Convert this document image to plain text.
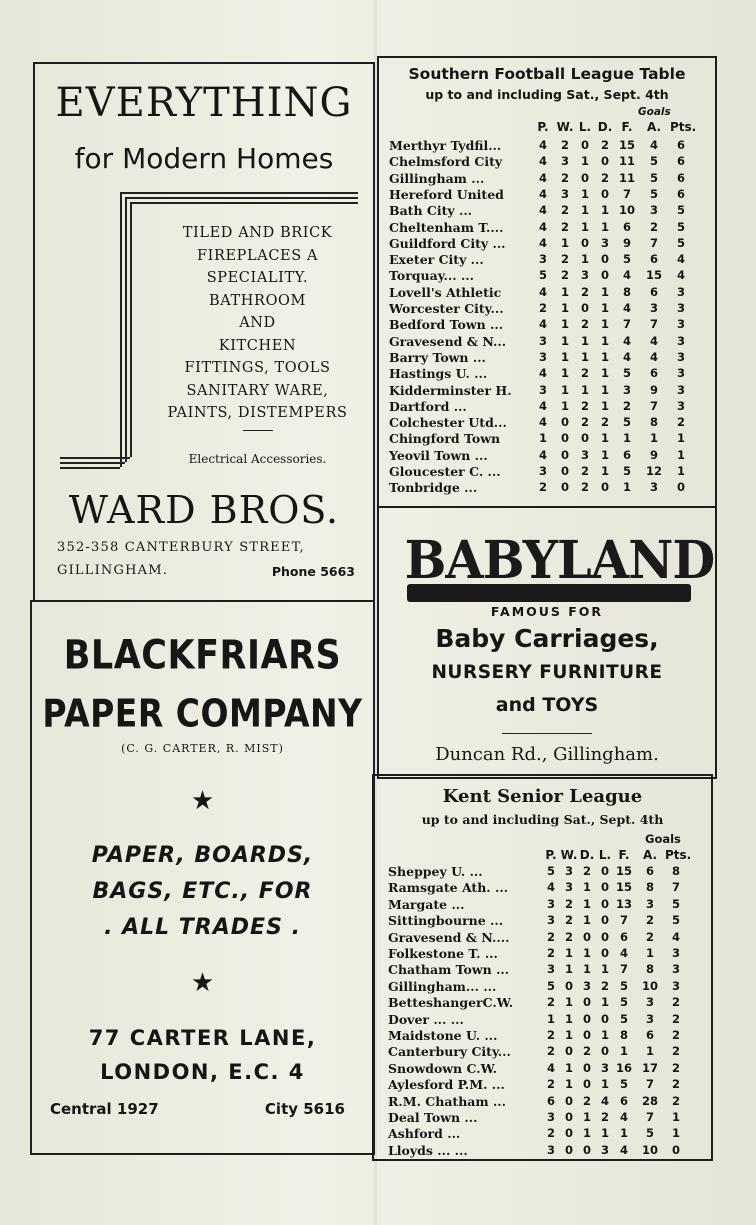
EVERYTHING
for Modern Homes
TILED AND BRICK
FIREPLACES A
SPECIALITY.
BATHROOM
AND
KITCHEN
FITTINGS, TOOLS
SANITARY WARE,
PAINTS, DISTEMPERS
Electrical Accessories.
WARD BROS.
352-358 CANTERBURY STREET,
GILLINGHAM.	Phone 5663
BLACKFRIARS
PAPER COMPANY
(C. G. CARTER, R. MIST)
★
PAPER, BOARDS,
BAGS, ETC., FOR
. ALL TRADES .
★
77 CARTER LANE,
LONDON, E.C. 4
Central 1927	City 5616
Southern Football League Table
up to and including Sat., Sept. 4th
Goals
P. W. L. D. F.	A. Pts.
Merthyr Tydfil...	4	2	0	2 15	4	6
Chelmsford City	4	3	1	0 11	5	6
Gillingham ...	4	2	0	2 11	5	6
Hereford United	4	3	1	0	7	5	6
Bath City ...	4	2	1	1 10	3	5
Cheltenham T....	4	2	1	1	6	2	5
Guildford City ...	4	1	0	3	9	7	5
Exeter City ...	3	2	1	0	5	6	4
Torquay... ...	5	2	3	0	4	15	4
Lovell's Athletic	4	1	2	1	8	6	3
Worcester City...	2	1	0	1	4	3	3
Bedford Town ...	4	1	2	1	7	7	3
Gravesend & N...	3	1	1	1	4	4	3
Barry Town ...	3	1	1	1	4	4	3
Hastings U. ...	4	1	2	1	5	6	3
Kidderminster H.	3	1	1	1	3	9	3
Dartford ...	4	1	2	1	2	7	3
Colchester Utd...	4	0	2	2	5	8	2
Chingford Town	1	0	0	1	1	1	1
Yeovil Town ...	4	0	3	1	6	9	1
Gloucester C. ...	3	0	2	1	5	12	1
Tonbridge ...	2	0	2	0	1	3	0
BABYLAND
FAMOUS FOR
Baby Carriages,
NURSERY FURNITURE
and TOYS
Duncan Rd., Gillingham.
Kent Senior League
up to and including Sat., Sept. 4th
Goals
P. W. D. L. F.	A. Pts.
Sheppey U. ...	5 3 2 0 15	6	8
Ramsgate Ath. ...	4 3 1 0 15	8	7
Margate ...	3 2 1 0 13	3	5
Sittingbourne ...	3 2 1 0 7	2	5
Gravesend & N....	2 2 0 0 6	2	4
Folkestone T. ...	2 1 1 0 4	1	3
Chatham Town ...	3 1 1 1 7	8	3
Gillingham... ...	5 0 3 2 5	10	3
BetteshangerC.W.	2 1 0 1 5	3	2
Dover ... ...	1 1 0 0 5	3	2
Maidstone U. ...	2 1 0 1 8	6	2
Canterbury City...	2 0 2 0 1	1	2
Snowdown C.W.	4 1 0 3 16 17	2
Aylesford P.M. ...	2 1 0 1 5	7	2
R.M. Chatham ...	6 0 2 4 6	28	2
Deal Town ...	3 0 1 2 4	7	1
Ashford ...	2 0 1 1 1	5	1
Lloyds ... ...	3 0 0 3 4	10	0
